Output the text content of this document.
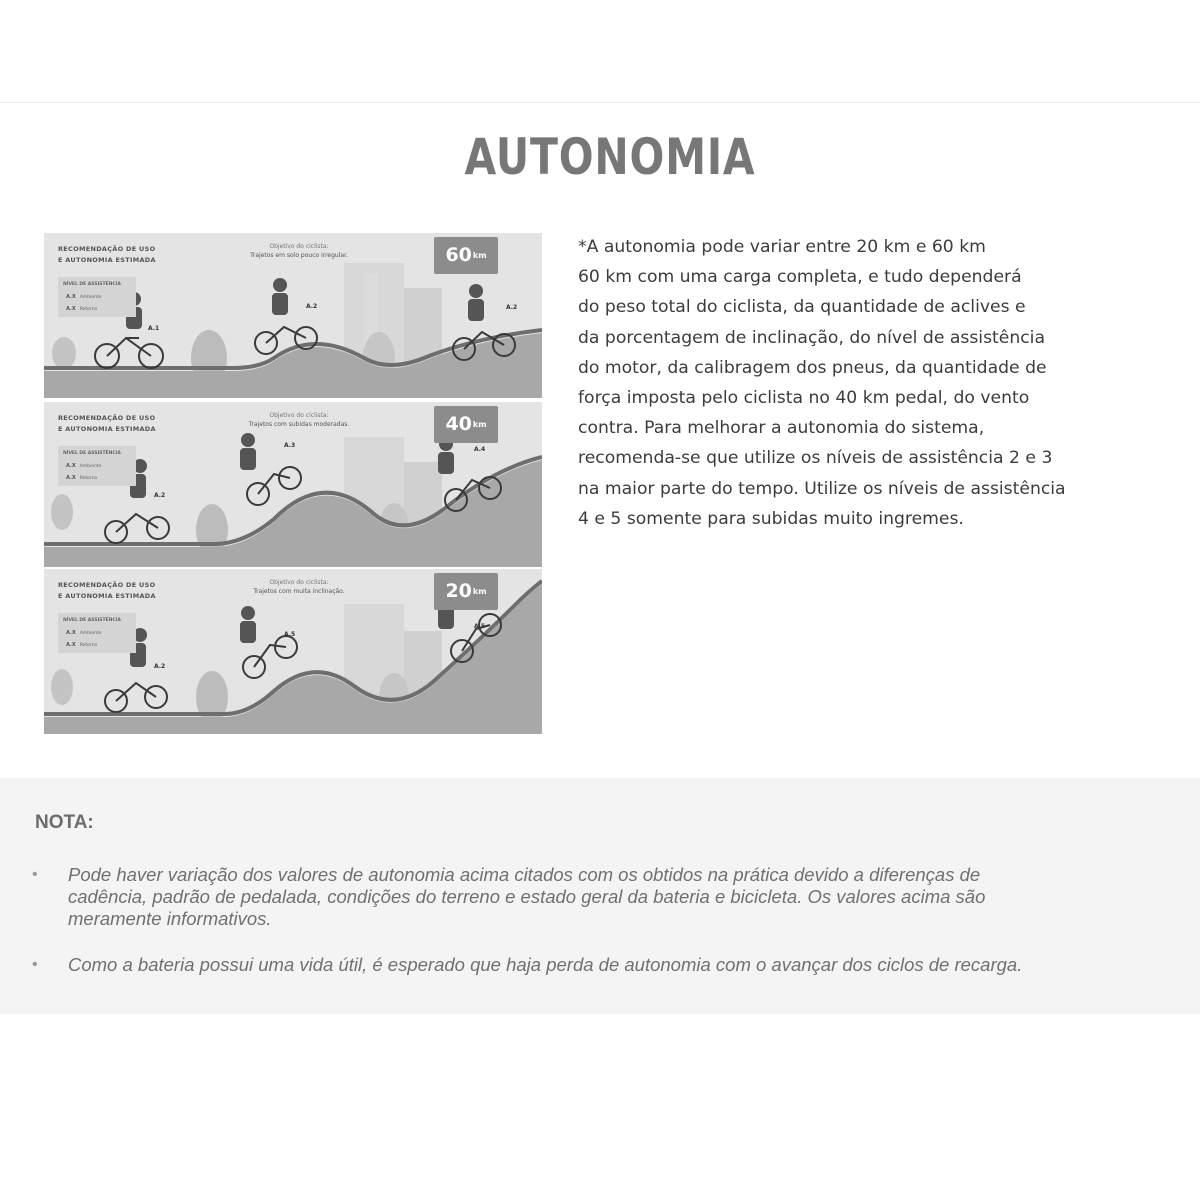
AUTONOMIA
RECOMENDAÇÃO DE USO
E AUTONOMIA ESTIMADA
Objetivo do ciclista:
Trajetos em solo pouco irregular.	60km
NÍVEL DE ASSISTÊNCIA
A.X Ambiente
A.X Retorno
A.1
A.2	A.2
RECOMENDAÇÃO DE USO
E AUTONOMIA ESTIMADA
Objetivo do ciclista:
Trajetos com subidas moderadas.	40km
NÍVEL DE ASSISTÊNCIA
A.X Ambiente
A.X Retorno
A.2
A.3
A.4
RECOMENDAÇÃO DE USO
E AUTONOMIA ESTIMADA
Objetivo do ciclista:
Trajetos com muita inclinação.	20km
NÍVEL DE ASSISTÊNCIA
A.X Ambiente
A.X Retorno
A.2
A.5
A.5
*A autonomia pode variar entre 20 km e 60 km
60 km com uma carga completa, e tudo dependerá
do peso total do ciclista, da quantidade de aclives e
da porcentagem de inclinação, do nível de assistência
do motor, da calibragem dos pneus, da quantidade de
força imposta pelo ciclista no 40 km pedal, do vento
contra. Para melhorar a autonomia do sistema,
recomenda-se que utilize os níveis de assistência 2 e 3
na maior parte do tempo. Utilize os níveis de assistência
4 e 5 somente para subidas muito ingremes.
NOTA:
• Pode haver variação dos valores de autonomia acima citados com os obtidos na prática devido a diferenças de
cadência, padrão de pedalada, condições do terreno e estado geral da bateria e bicicleta. Os valores acima são
meramente informativos.
• Como a bateria possui uma vida útil, é esperado que haja perda de autonomia com o avançar dos ciclos de recarga.
